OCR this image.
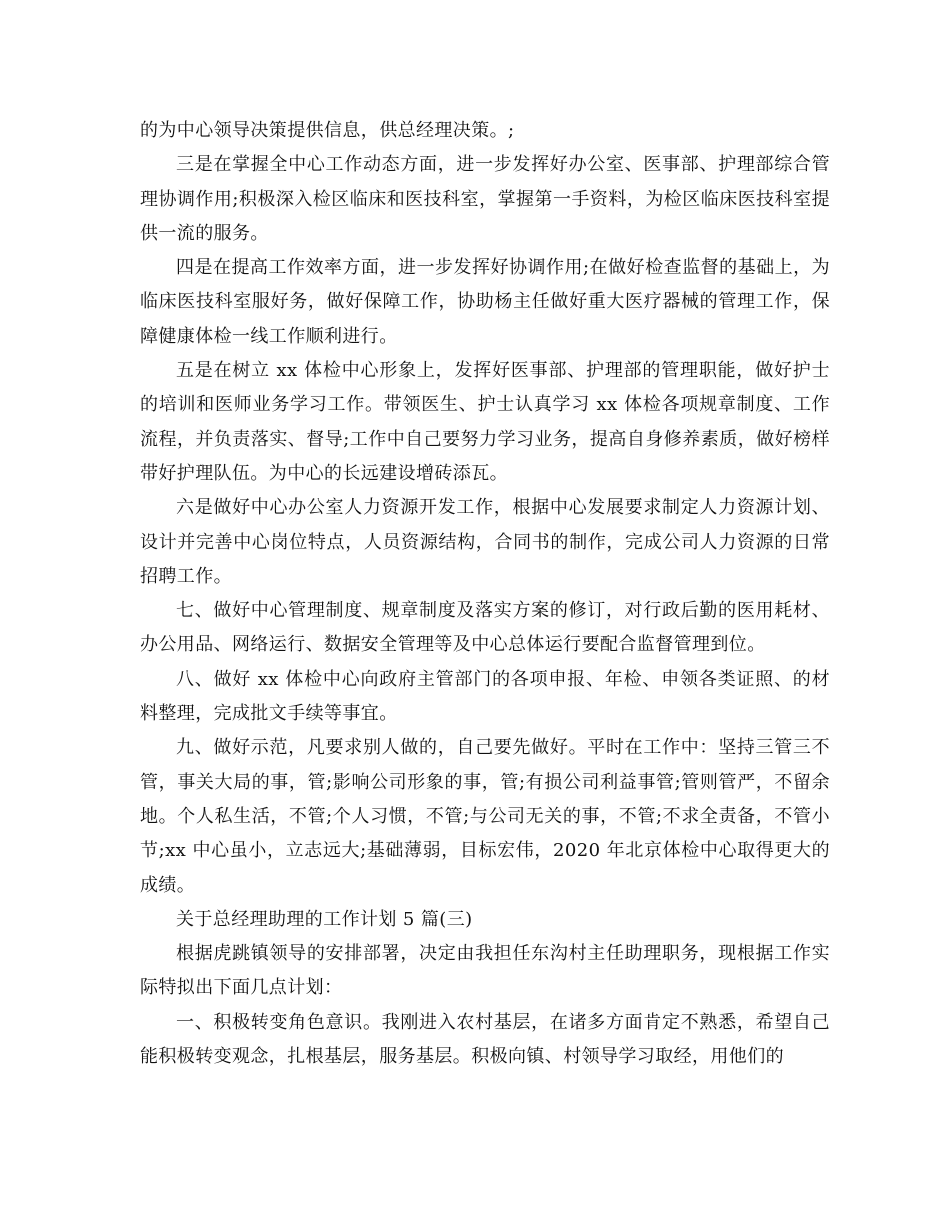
的为中心领导决策提供信息，供总经理决策。;

三是在掌握全中心工作动态方面，进一步发挥好办公室、医事部、护理部综合管理协调作用;积极深入检区临床和医技科室，掌握第一手资料，为检区临床医技科室提供一流的服务。

四是在提高工作效率方面，进一步发挥好协调作用;在做好检查监督的基础上，为临床医技科室服好务，做好保障工作，协助杨主任做好重大医疗器械的管理工作，保障健康体检一线工作顺利进行。

五是在树立 xx 体检中心形象上，发挥好医事部、护理部的管理职能，做好护士的培训和医师业务学习工作。带领医生、护士认真学习 xx 体检各项规章制度、工作流程，并负责落实、督导;工作中自己要努力学习业务，提高自身修养素质，做好榜样带好护理队伍。为中心的长远建设增砖添瓦。

六是做好中心办公室人力资源开发工作，根据中心发展要求制定人力资源计划、设计并完善中心岗位特点，人员资源结构，合同书的制作，完成公司人力资源的日常招聘工作。

七、做好中心管理制度、规章制度及落实方案的修订，对行政后勤的医用耗材、办公用品、网络运行、数据安全管理等及中心总体运行要配合监督管理到位。

八、做好 xx 体检中心向政府主管部门的各项申报、年检、申领各类证照、的材料整理，完成批文手续等事宜。

九、做好示范，凡要求别人做的，自己要先做好。平时在工作中：坚持三管三不管，事关大局的事，管;影响公司形象的事，管;有损公司利益事管;管则管严，不留余地。个人私生活，不管;个人习惯，不管;与公司无关的事，不管;不求全责备，不管小节;xx 中心虽小，立志远大;基础薄弱，目标宏伟，2020 年北京体检中心取得更大的成绩。

关于总经理助理的工作计划 5 篇(三)

根据虎跳镇领导的安排部署，决定由我担任东沟村主任助理职务，现根据工作实际特拟出下面几点计划：

一、积极转变角色意识。我刚进入农村基层，在诸多方面肯定不熟悉，希望自己能积极转变观念，扎根基层，服务基层。积极向镇、村领导学习取经，用他们的
